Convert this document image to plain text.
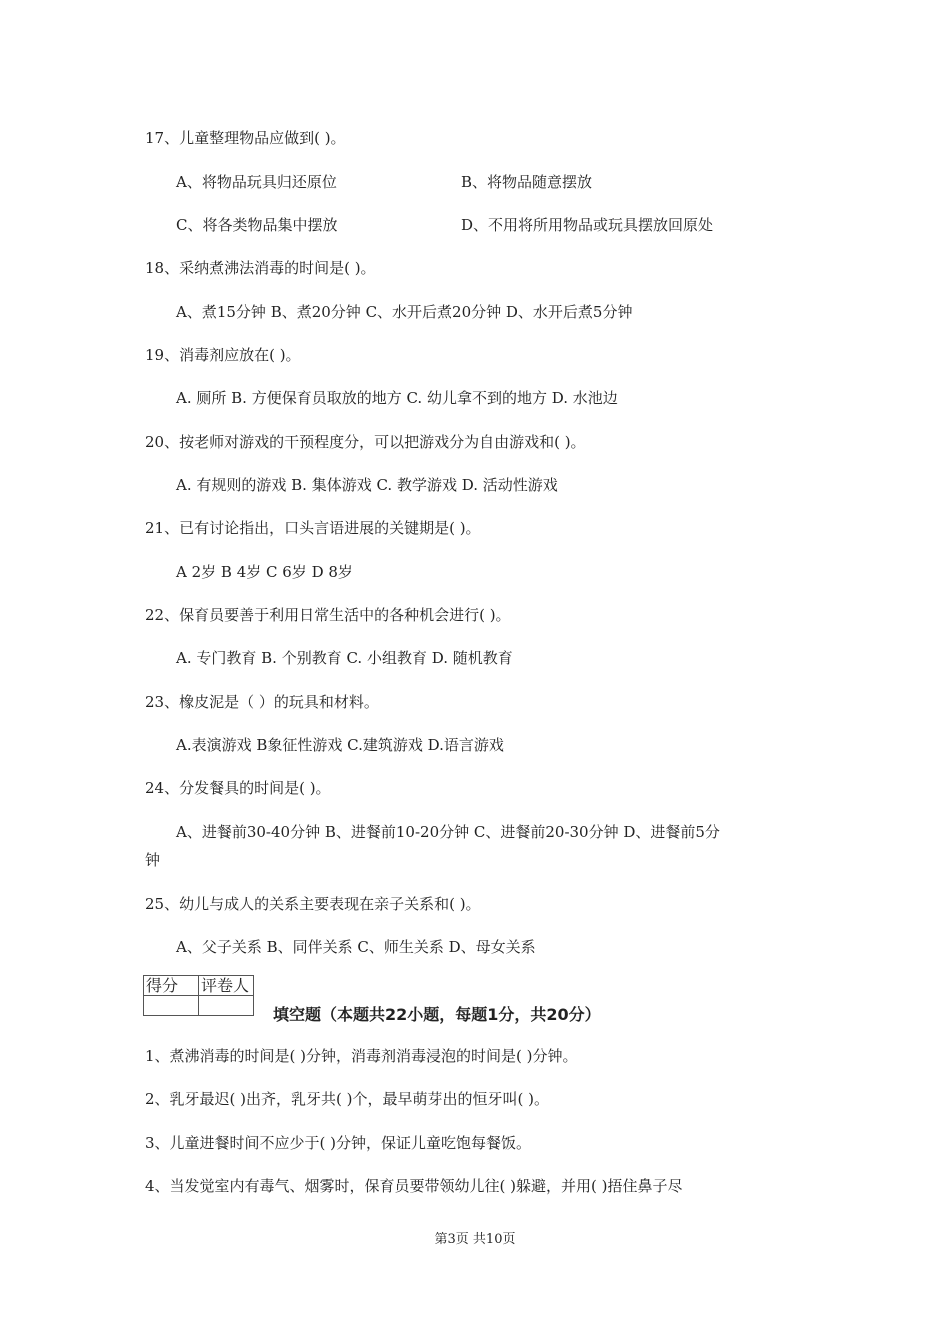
17、儿童整理物品应做到( )。
A、将物品玩具归还原位	B、将物品随意摆放
C、将各类物品集中摆放	D、不用将所用物品或玩具摆放回原处
18、采纳煮沸法消毒的时间是( )。
A、煮15分钟 B、煮20分钟 C、水开后煮20分钟 D、水开后煮5分钟
19、消毒剂应放在( )。
A. 厕所 B. 方便保育员取放的地方 C. 幼儿拿不到的地方 D. 水池边
20、按老师对游戏的干预程度分，可以把游戏分为自由游戏和( )。
A. 有规则的游戏 B. 集体游戏 C. 教学游戏 D. 活动性游戏
21、已有讨论指出，口头言语进展的关键期是( )。
A 2岁 B 4岁 C 6岁 D 8岁
22、保育员要善于利用日常生活中的各种机会进行( )。
A. 专门教育 B. 个别教育 C. 小组教育 D. 随机教育
23、橡皮泥是（ ）的玩具和材料。
A.表演游戏 B象征性游戏 C.建筑游戏 D.语言游戏
24、分发餐具的时间是( )。
A、进餐前30-40分钟 B、进餐前10-20分钟 C、进餐前20-30分钟 D、进餐前5分
钟
25、幼儿与成人的关系主要表现在亲子关系和( )。
A、父子关系 B、同伴关系 C、师生关系 D、母女关系
得分	评卷人

填空题（本题共22小题，每题1分，共20分）
1、煮沸消毒的时间是( )分钟，消毒剂消毒浸泡的时间是( )分钟。
2、乳牙最迟( )出齐，乳牙共( )个，最早萌芽出的恒牙叫( )。
3、儿童进餐时间不应少于( )分钟，保证儿童吃饱每餐饭。
4、当发觉室内有毒气、烟雾时，保育员要带领幼儿往( )躲避，并用( )捂住鼻子尽
第3页 共10页
